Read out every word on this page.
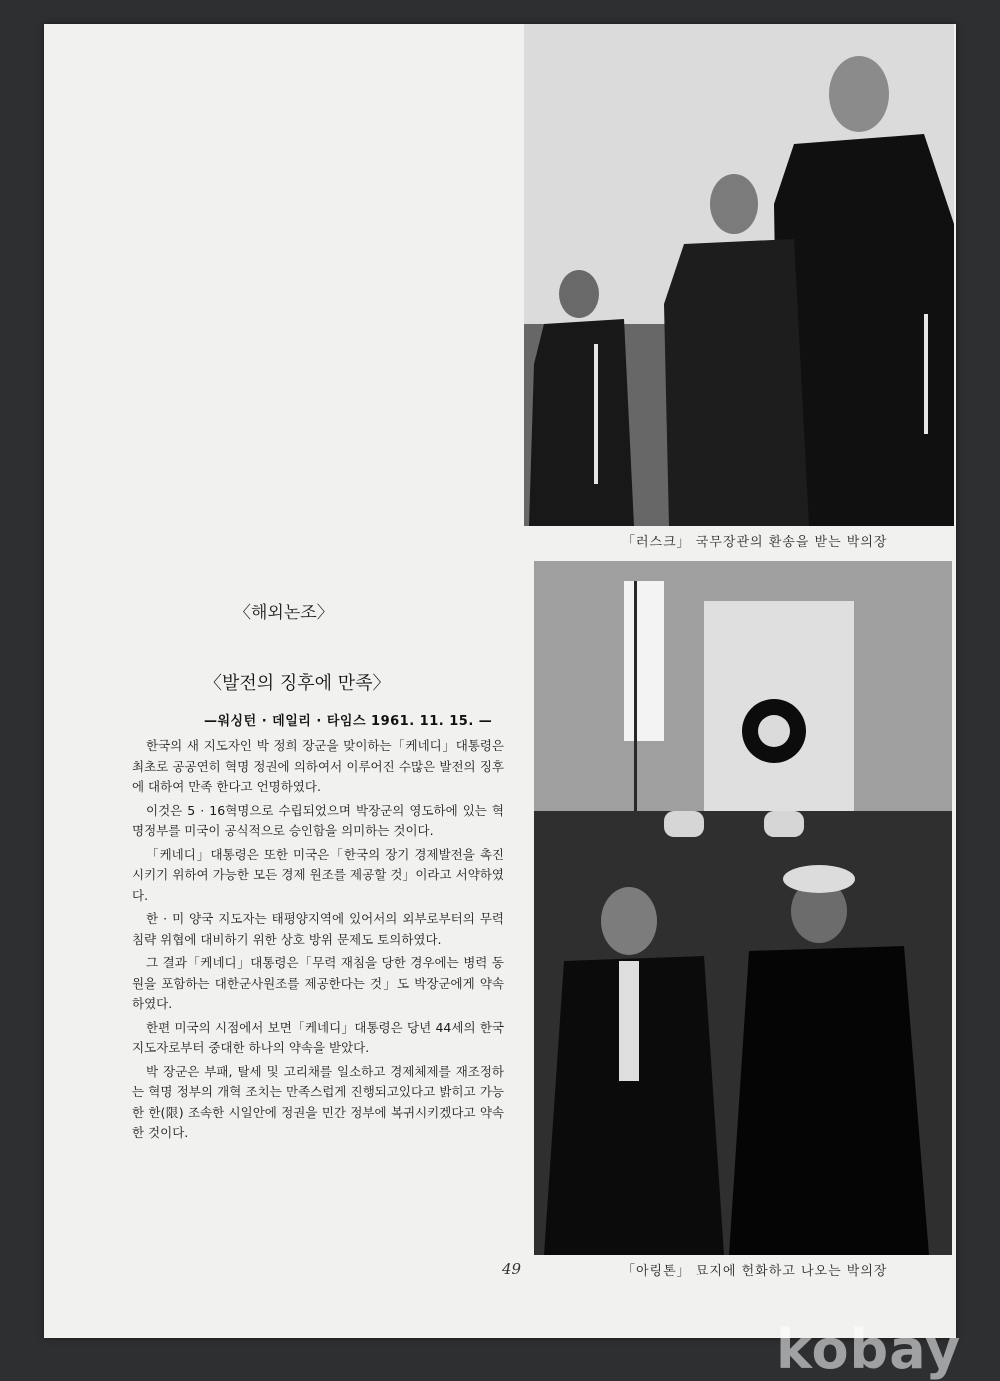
「러스크」 국무장관의 환송을 받는 박의장
「아링톤」 묘지에 헌화하고 나오는 박의장
〈해외논조〉
〈발전의 징후에 만족〉
—워싱턴 · 데일리 · 타임스 1961. 11. 15. —

한국의 새 지도자인 박 정희 장군을 맞이하는「케네디」대통령은 최초로 공공연히 혁명 정권에 의하여서 이루어진 수많은 발전의 징후에 대하여 만족 한다고 언명하였다.

이것은 5 · 16혁명으로 수립되었으며 박장군의 영도하에 있는 혁명정부를 미국이 공식적으로 승인함을 의미하는 것이다.

「케네디」대통령은 또한 미국은「한국의 장기 경제발전을 촉진시키기 위하여 가능한 모든 경제 원조를 제공할 것」이라고 서약하였다.

한 · 미 양국 지도자는 태평양지역에 있어서의 외부로부터의 무력 침략 위협에 대비하기 위한 상호 방위 문제도 토의하였다.

그 결과「케네디」대통령은「무력 재침을 당한 경우에는 병력 동원을 포함하는 대한군사원조를 제공한다는 것」도 박장군에게 약속하였다.

한편 미국의 시점에서 보면「케네디」대통령은 당년 44세의 한국 지도자로부터 중대한 하나의 약속을 받았다.

박 장군은 부패, 탈세 및 고리채를 일소하고 경제체제를 재조정하는 혁명 정부의 개혁 조치는 만족스럽게 진행되고있다고 밝히고 가능한 한(限) 조속한 시일안에 정권을 민간 정부에 복귀시키겠다고 약속한 것이다.

49
kobay
